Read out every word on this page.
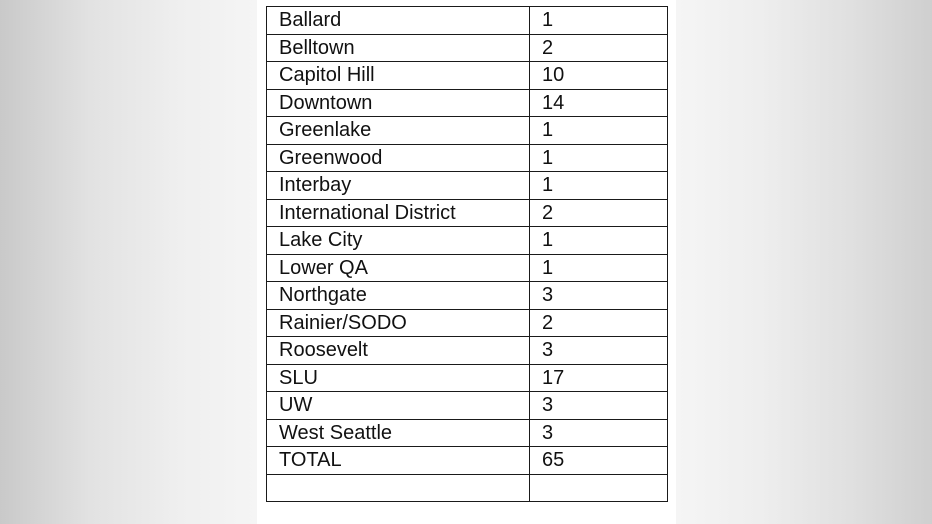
Ballard	1
Belltown	2
Capitol Hill	10
Downtown	14
Greenlake	1
Greenwood	1
Interbay	1
International District	2
Lake City	1
Lower QA	1
Northgate	3
Rainier/SODO	2
Roosevelt	3
SLU	17
UW	3
West Seattle	3
TOTAL	65
